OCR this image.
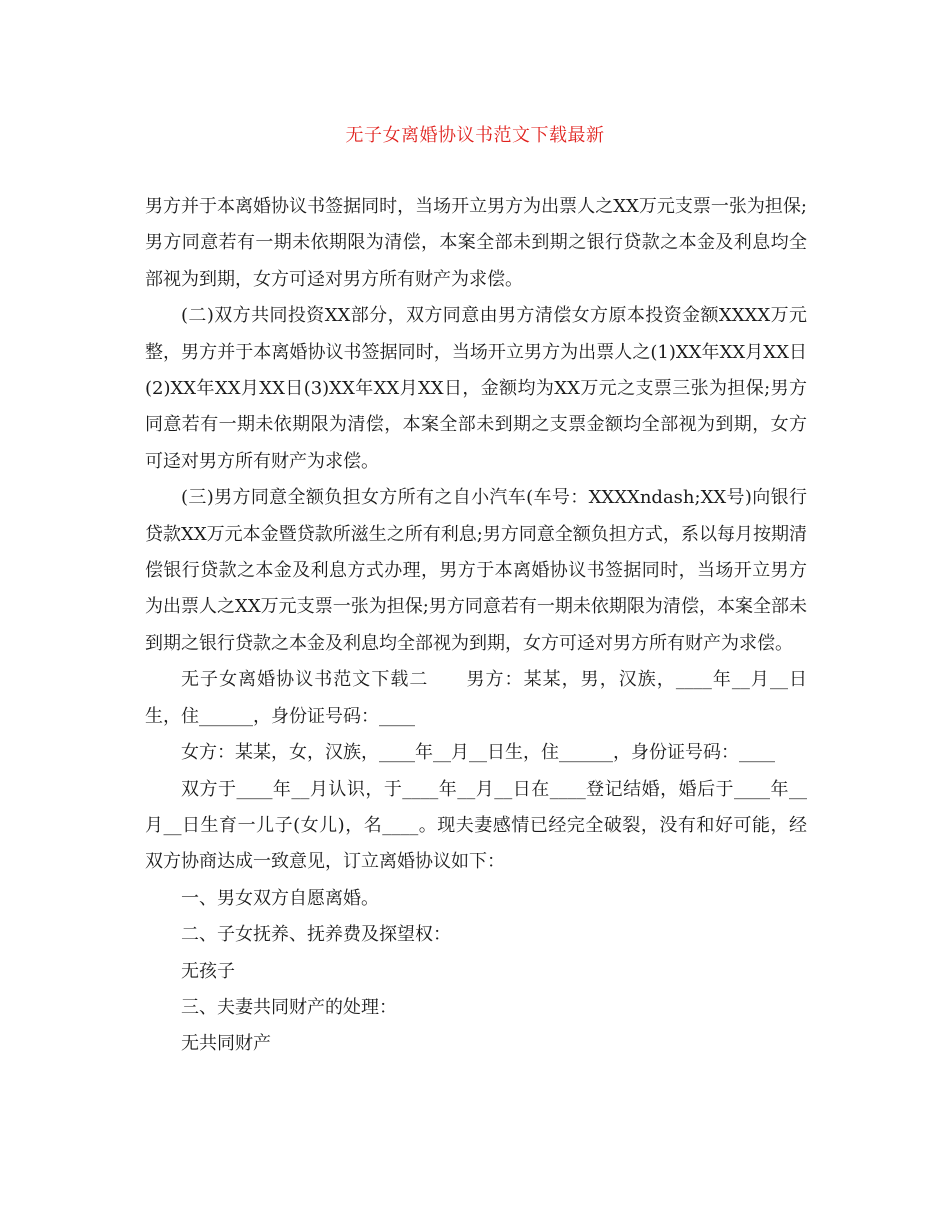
无子女离婚协议书范文下载最新

男方并于本离婚协议书签据同时，当场开立男方为出票人之XX万元支票一张为担保;男方同意若有一期未依期限为清偿，本案全部未到期之银行贷款之本金及利息均全部视为到期，女方可迳对男方所有财产为求偿。

(二)双方共同投资XX部分，双方同意由男方清偿女方原本投资金额XXXX万元整，男方并于本离婚协议书签据同时，当场开立男方为出票人之(1)XX年XX月XX日(2)XX年XX月XX日(3)XX年XX月XX日，金额均为XX万元之支票三张为担保;男方同意若有一期未依期限为清偿，本案全部未到期之支票金额均全部视为到期，女方可迳对男方所有财产为求偿。

(三)男方同意全额负担女方所有之自小汽车(车号：XXXXndash;XX号)向银行贷款XX万元本金暨贷款所滋生之所有利息;男方同意全额负担方式，系以每月按期清偿银行贷款之本金及利息方式办理，男方于本离婚协议书签据同时，当场开立男方为出票人之XX万元支票一张为担保;男方同意若有一期未依期限为清偿，本案全部未到期之银行贷款之本金及利息均全部视为到期，女方可迳对男方所有财产为求偿。

无子女离婚协议书范文下载二　　男方：某某，男，汉族，____年__月__日生，住______，身份证号码：____

女方：某某，女，汉族，____年__月__日生，住______，身份证号码：____

双方于____年__月认识，于____年__月__日在____登记结婚，婚后于____年__月__日生育一儿子(女儿)，名____。现夫妻感情已经完全破裂，没有和好可能，经双方协商达成一致意见，订立离婚协议如下：

一、男女双方自愿离婚。

二、子女抚养、抚养费及探望权：

无孩子

三、夫妻共同财产的处理：

无共同财产
